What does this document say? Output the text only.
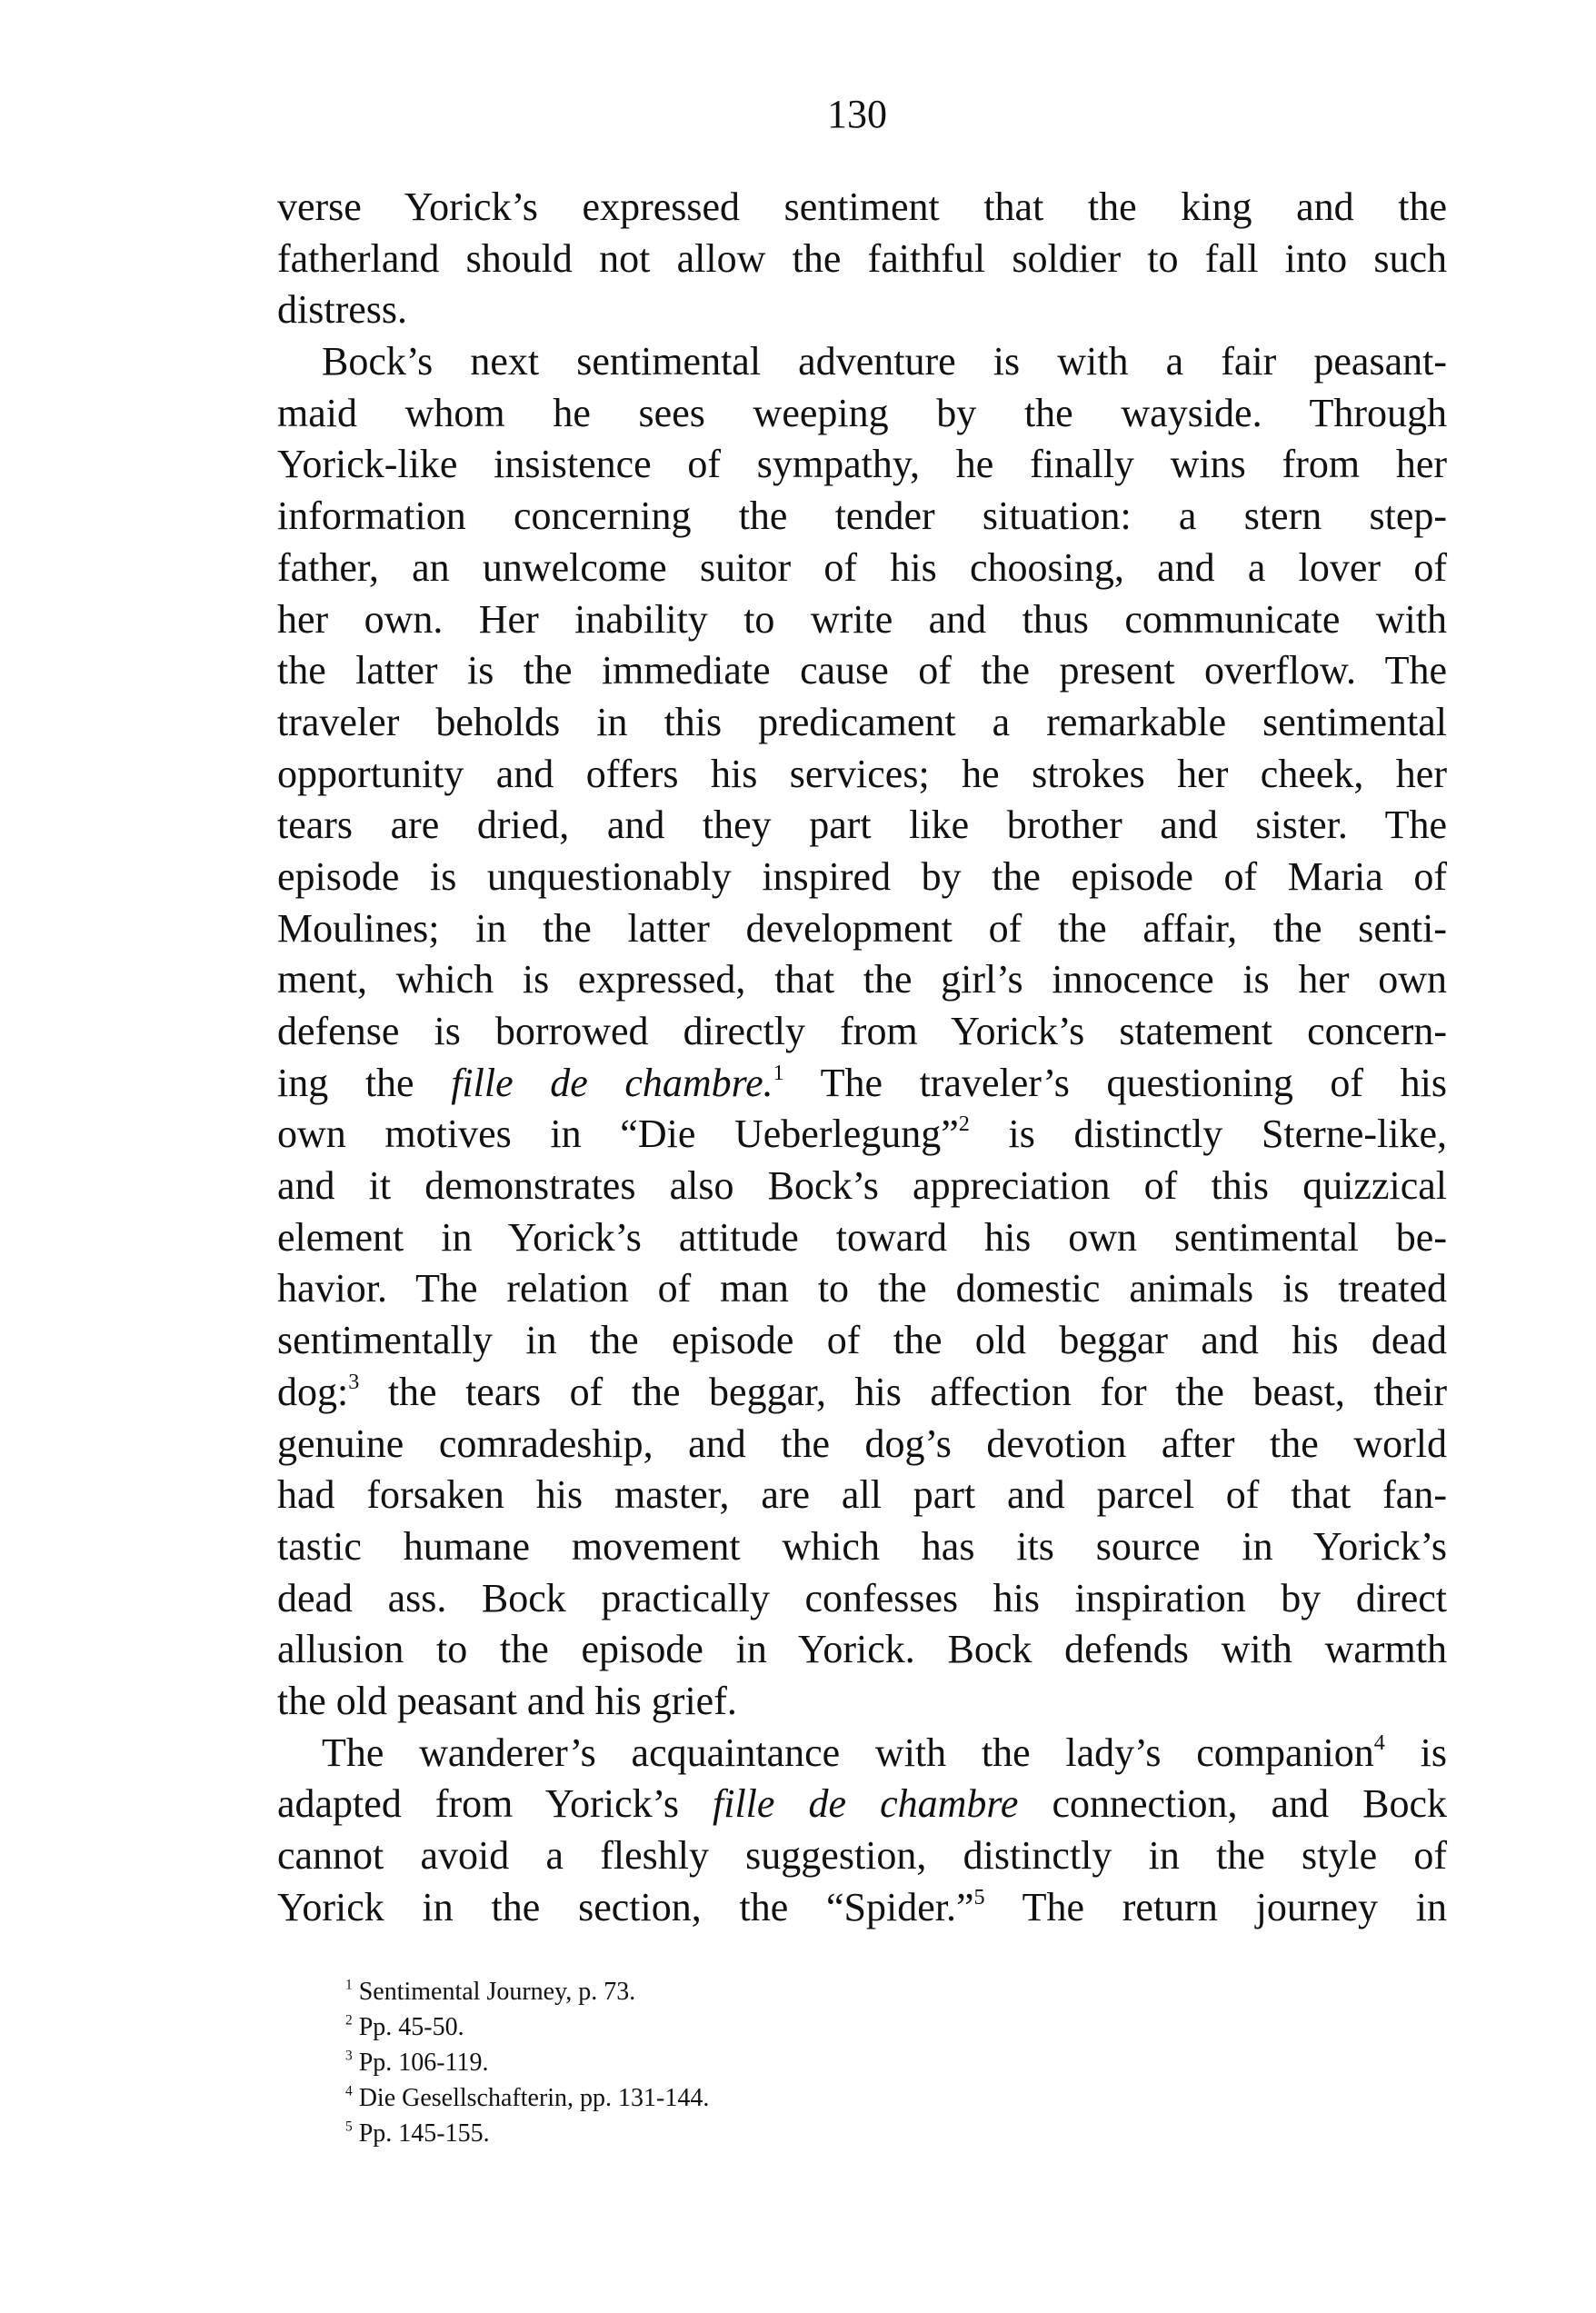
130
verse Yorick’s expressed sentiment that the king and the
fatherland should not allow the faithful soldier to fall into such
distress.
Bock’s next sentimental adventure is with a fair peasant-
maid whom he sees weeping by the wayside. Through
Yorick-like insistence of sympathy, he finally wins from her
information concerning the tender situation: a stern step-
father, an unwelcome suitor of his choosing, and a lover of
her own. Her inability to write and thus communicate with
the latter is the immediate cause of the present overflow. The
traveler beholds in this predicament a remarkable sentimental
opportunity and offers his services; he strokes her cheek, her
tears are dried, and they part like brother and sister. The
episode is unquestionably inspired by the episode of Maria of
Moulines; in the latter development of the affair, the senti-
ment, which is expressed, that the girl’s innocence is her own
defense is borrowed directly from Yorick’s statement concern-
ing the fille de chambre.$^1$ The traveler’s questioning of his
own motives in “Die Ueberlegung”$^2$ is distinctly Sterne-like,
and it demonstrates also Bock’s appreciation of this quizzical
element in Yorick’s attitude toward his own sentimental be-
havior. The relation of man to the domestic animals is treated
sentimentally in the episode of the old beggar and his dead
dog:$^3$ the tears of the beggar, his affection for the beast, their
genuine comradeship, and the dog’s devotion after the world
had forsaken his master, are all part and parcel of that fan-
tastic humane movement which has its source in Yorick’s
dead ass. Bock practically confesses his inspiration by direct
allusion to the episode in Yorick. Bock defends with warmth
the old peasant and his grief.
The wanderer’s acquaintance with the lady’s companion$^4$ is
adapted from Yorick’s fille de chambre connection, and Bock
cannot avoid a fleshly suggestion, distinctly in the style of
Yorick in the section, the “Spider.”$^5$ The return journey in
$^1$ Sentimental Journey, p. 73.
$^2$ Pp. 45-50.
$^3$ Pp. 106-119.
$^4$ Die Gesellschafterin, pp. 131-144.
$^5$ Pp. 145-155.
